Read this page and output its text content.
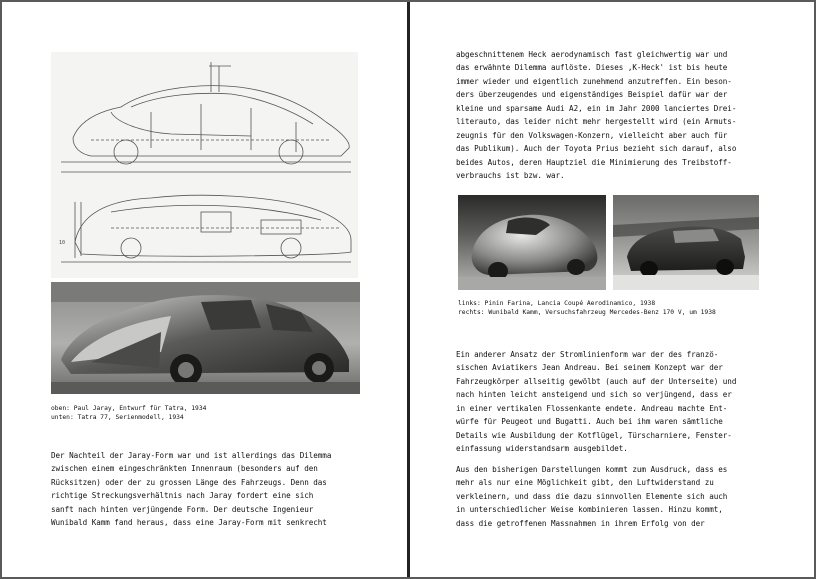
10
oben: Paul Jaray, Entwurf für Tatra, 1934
unten: Tatra 77, Serienmodell, 1934
Der Nachteil der Jaray-Form war und ist allerdings das Dilemma
zwischen einem eingeschränkten Innenraum (besonders auf den
Rücksitzen) oder der zu grossen Länge des Fahrzeugs. Denn das
richtige Streckungsverhältnis nach Jaray fordert eine sich
sanft nach hinten verjüngende Form. Der deutsche Ingenieur
Wunibald Kamm fand heraus, dass eine Jaray-Form mit senkrecht
abgeschnittenem Heck aerodynamisch fast gleichwertig war und
das erwähnte Dilemma auflöste. Dieses ‚K-Heck' ist bis heute
immer wieder und eigentlich zunehmend anzutreffen. Ein beson-
ders überzeugendes und eigenständiges Beispiel dafür war der
kleine und sparsame Audi A2, ein im Jahr 2000 lanciertes Drei-
literauto, das leider nicht mehr hergestellt wird (ein Armuts-
zeugnis für den Volkswagen-Konzern, vielleicht aber auch für
das Publikum). Auch der Toyota Prius bezieht sich darauf, also
beides Autos, deren Hauptziel die Minimierung des Treibstoff-
verbrauchs ist bzw. war.
links: Pinin Farina, Lancia Coupé Aerodinamico, 1938
rechts: Wunibald Kamm, Versuchsfahrzeug Mercedes-Benz 170 V, um 1938
Ein anderer Ansatz der Stromlinienform war der des franzö-
sischen Aviatikers Jean Andreau. Bei seinem Konzept war der
Fahrzeugkörper allseitig gewölbt (auch auf der Unterseite) und
nach hinten leicht ansteigend und sich so verjüngend, dass er
in einer vertikalen Flossenkante endete. Andreau machte Ent-
würfe für Peugeot und Bugatti. Auch bei ihm waren sämtliche
Details wie Ausbildung der Kotflügel, Türscharniere, Fenster-
einfassung widerstandsarm ausgebildet.
Aus den bisherigen Darstellungen kommt zum Ausdruck, dass es
mehr als nur eine Möglichkeit gibt, den Luftwiderstand zu
verkleinern, und dass die dazu sinnvollen Elemente sich auch
in unterschiedlicher Weise kombinieren lassen. Hinzu kommt,
dass die getroffenen Massnahmen in ihrem Erfolg von der
